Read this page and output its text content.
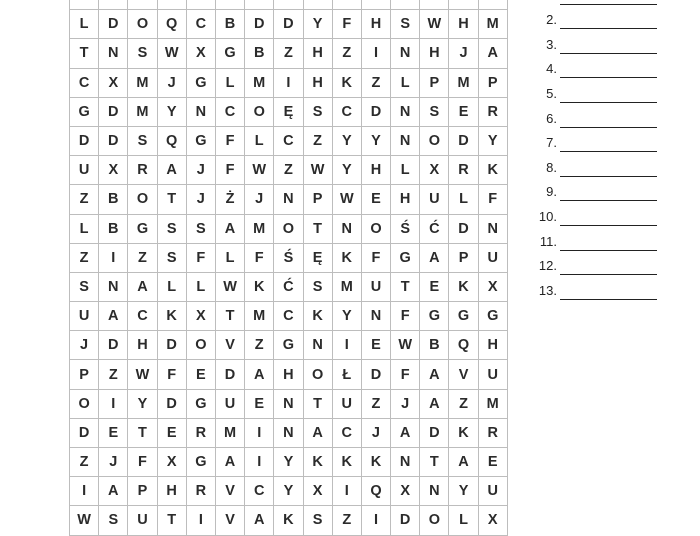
L	D	O	Q	C	B	D	D	Y	F	H	S	W	H	M
T	N	S	W	X	G	B	Z	H	Z	I	N	H	J	A
C	X	M	J	G	L	M	I	H	K	Z	L	P	M	P
G	D	M	Y	N	C	O	Ę	S	C	D	N	S	E	R
D	D	S	Q	G	F	L	C	Z	Y	Y	N	O	D	Y
U	X	R	A	J	F	W	Z	W	Y	H	L	X	R	K
Z	B	O	T	J	Ż	J	N	P	W	E	H	U	L	F
L	B	G	S	S	A	M	O	T	N	O	Ś	Ć	D	N
Z	I	Z	S	F	L	F	Ś	Ę	K	F	G	A	P	U
S	N	A	L	L	W	K	Ć	S	M	U	T	E	K	X
U	A	C	K	X	T	M	C	K	Y	N	F	G	G	G
J	D	H	D	O	V	Z	G	N	I	E	W	B	Q	H
P	Z	W	F	E	D	A	H	O	Ł	D	F	A	V	U
O	I	Y	D	G	U	E	N	T	U	Z	J	A	Z	M
D	E	T	E	R	M	I	N	A	C	J	A	D	K	R
Z	J	F	X	G	A	I	Y	K	K	K	N	T	A	E
I	A	P	H	R	V	C	Y	X	I	Q	X	N	Y	U
W	S	U	T	I	V	A	K	S	Z	I	D	O	L	X
2.
3.
4.
5.
6.
7.
8.
9.
10.
11.
12.
13.
